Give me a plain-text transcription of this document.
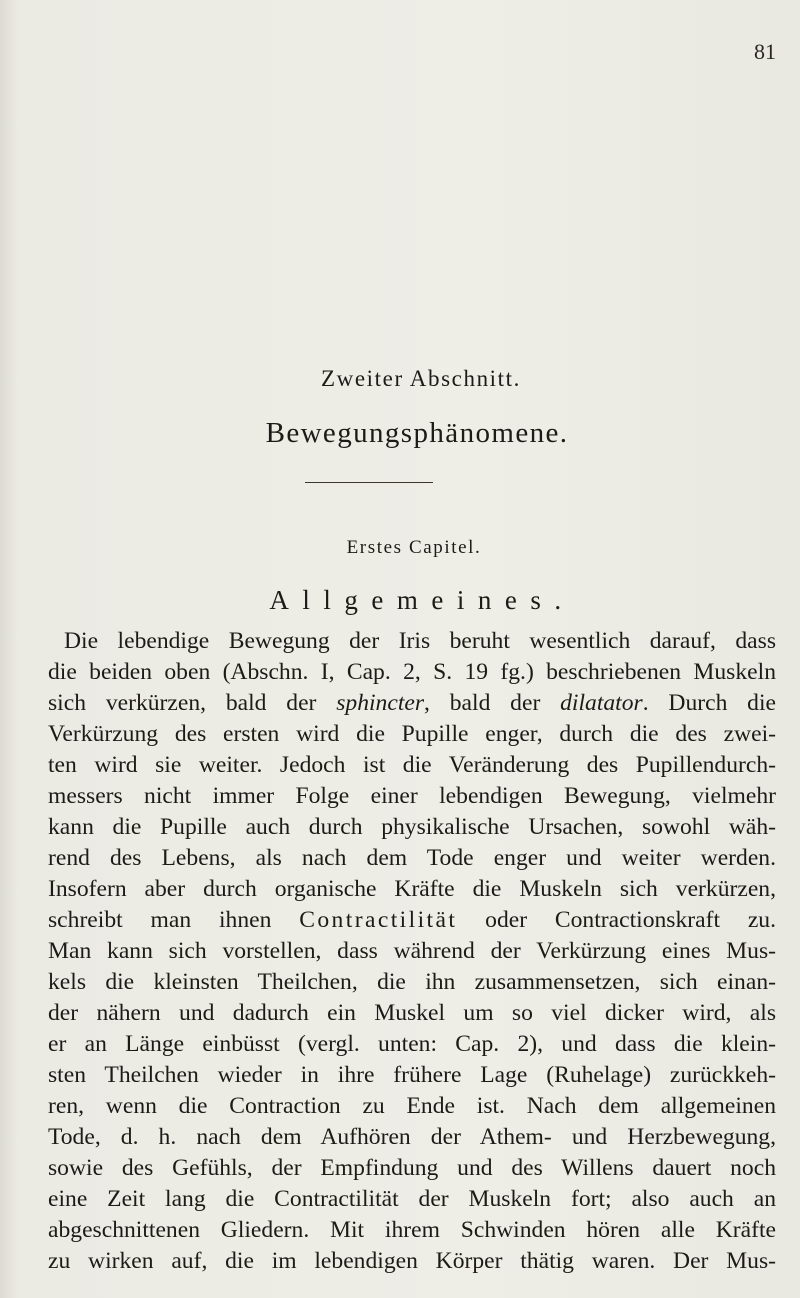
81
Zweiter Abschnitt.
Bewegungsphänomene.
Erstes Capitel.
Allgemeines.
Die lebendige Bewegung der Iris beruht wesentlich darauf, dass
die beiden oben (Abschn. I, Cap. 2, S. 19 fg.) beschriebenen Muskeln
sich verkürzen, bald der sphincter, bald der dilatator. Durch die
Verkürzung des ersten wird die Pupille enger, durch die des zwei-
ten wird sie weiter. Jedoch ist die Veränderung des Pupillendurch-
messers nicht immer Folge einer lebendigen Bewegung, vielmehr
kann die Pupille auch durch physikalische Ursachen, sowohl wäh-
rend des Lebens, als nach dem Tode enger und weiter werden.
Insofern aber durch organische Kräfte die Muskeln sich verkürzen,
schreibt man ihnen Contractilität oder Contractionskraft zu.
Man kann sich vorstellen, dass während der Verkürzung eines Mus-
kels die kleinsten Theilchen, die ihn zusammensetzen, sich einan-
der nähern und dadurch ein Muskel um so viel dicker wird, als
er an Länge einbüsst (vergl. unten: Cap. 2), und dass die klein-
sten Theilchen wieder in ihre frühere Lage (Ruhelage) zurückkeh-
ren, wenn die Contraction zu Ende ist. Nach dem allgemeinen
Tode, d. h. nach dem Aufhören der Athem- und Herzbewegung,
sowie des Gefühls, der Empfindung und des Willens dauert noch
eine Zeit lang die Contractilität der Muskeln fort; also auch an
abgeschnittenen Gliedern. Mit ihrem Schwinden hören alle Kräfte
zu wirken auf, die im lebendigen Körper thätig waren. Der Mus-
